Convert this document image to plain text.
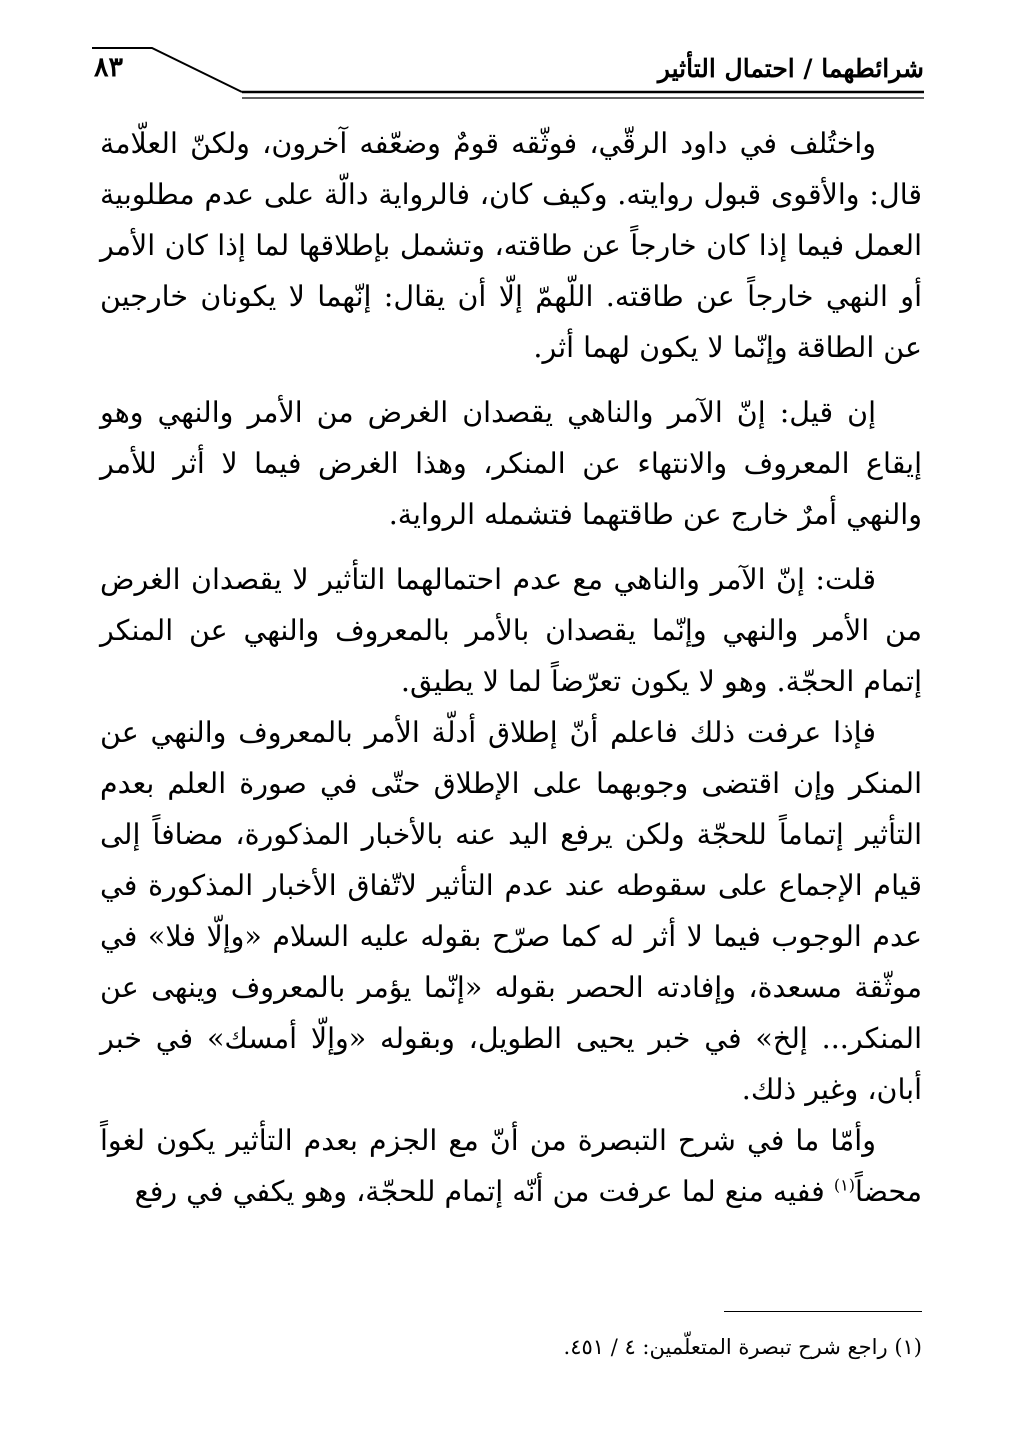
شرائطهما / احتمال التأثير
٨٣

واختُلف في داود الرقّي، فوثّقه قومٌ وضعّفه آخرون، ولكنّ العلّامة قال: والأقوى قبول روايته. وكيف كان، فالرواية دالّة على عدم مطلوبية العمل فيما إذا كان خارجاً عن طاقته، وتشمل بإطلاقها لما إذا كان الأمر أو النهي خارجاً عن طاقته. اللّهمّ إلّا أن يقال: إنّهما لا يكونان خارجين عن الطاقة وإنّما لا يكون لهما أثر.

إن قيل: إنّ الآمر والناهي يقصدان الغرض من الأمر والنهي وهو إيقاع المعروف والانتهاء عن المنكر، وهذا الغرض فيما لا أثر للأمر والنهي أمرٌ خارج عن طاقتهما فتشمله الرواية.

قلت: إنّ الآمر والناهي مع عدم احتمالهما التأثير لا يقصدان الغرض من الأمر والنهي وإنّما يقصدان بالأمر بالمعروف والنهي عن المنكر إتمام الحجّة. وهو لا يكون تعرّضاً لما لا يطيق.

فإذا عرفت ذلك فاعلم أنّ إطلاق أدلّة الأمر بالمعروف والنهي عن المنكر وإن اقتضى وجوبهما على الإطلاق حتّى في صورة العلم بعدم التأثير إتماماً للحجّة ولكن يرفع اليد عنه بالأخبار المذكورة، مضافاً إلى قيام الإجماع على سقوطه عند عدم التأثير لاتّفاق الأخبار المذكورة في عدم الوجوب فيما لا أثر له كما صرّح بقوله عليه السلام «وإلّا فلا» في موثّقة مسعدة، وإفادته الحصر بقوله «إنّما يؤمر بالمعروف وينهى عن المنكر... إلخ» في خبر يحيى الطويل، وبقوله «وإلّا أمسك» في خبر أبان، وغير ذلك.

وأمّا ما في شرح التبصرة من أنّ مع الجزم بعدم التأثير يكون لغواً محضاً$^{(١)}$ ففيه منع لما عرفت من أنّه إتمام للحجّة، وهو يكفي في رفع

(١) راجع شرح تبصرة المتعلّمين: ٤ / ٤٥١.
